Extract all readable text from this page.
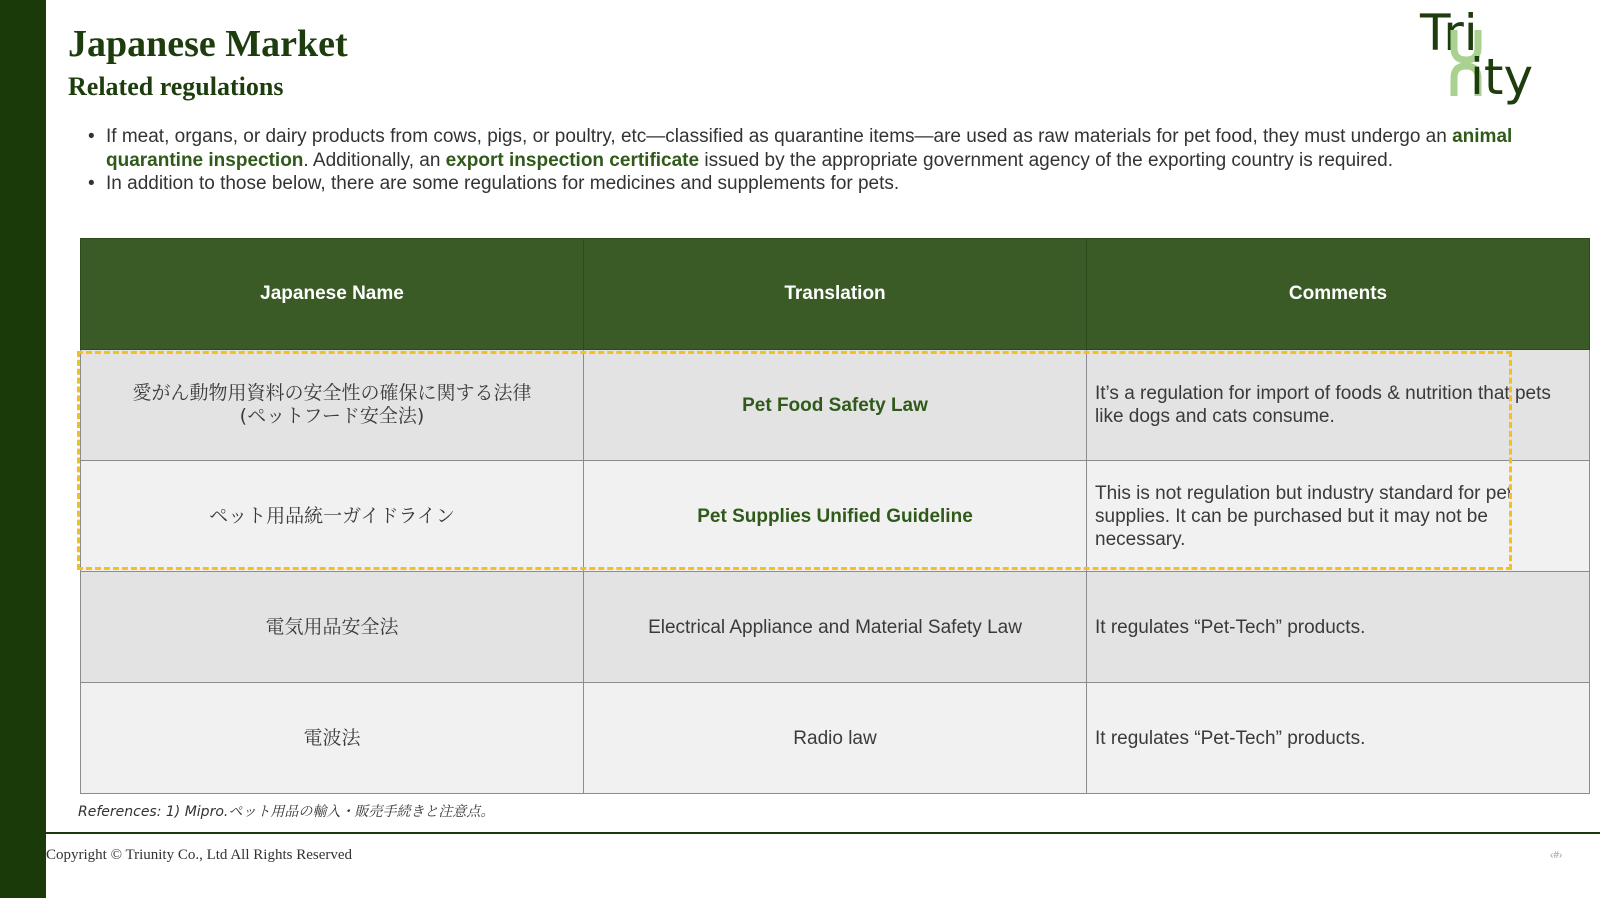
Japanese Market
Related regulations
Tri
ity
• If meat, organs, or dairy products from cows, pigs, or poultry, etc—classified as quarantine items—are used as raw materials for pet food, they must undergo an animal quarantine inspection. Additionally, an export inspection certificate issued by the appropriate government agency of the exporting country is required.
• In addition to those below, there are some regulations for medicines and supplements for pets.
Japanese Name	Translation	Comments

愛がん動物用資料の安全性の確保に関する法律
(ペットフード安全法)	Pet Food Safety Law	It’s a regulation for import of foods & nutrition that pets like dogs and cats consume.

ペット用品統一ガイドライン	Pet Supplies Unified Guideline	This is not regulation but industry standard for pet supplies. It can be purchased but it may not be necessary.

電気用品安全法	Electrical Appliance and Material Safety Law	It regulates “Pet-Tech” products.

電波法	Radio law	It regulates “Pet-Tech” products.
References: 1) Mipro.ペット用品の輸入・販売手続きと注意点。
Copyright © Triunity Co., Ltd All Rights Reserved	‹#›
